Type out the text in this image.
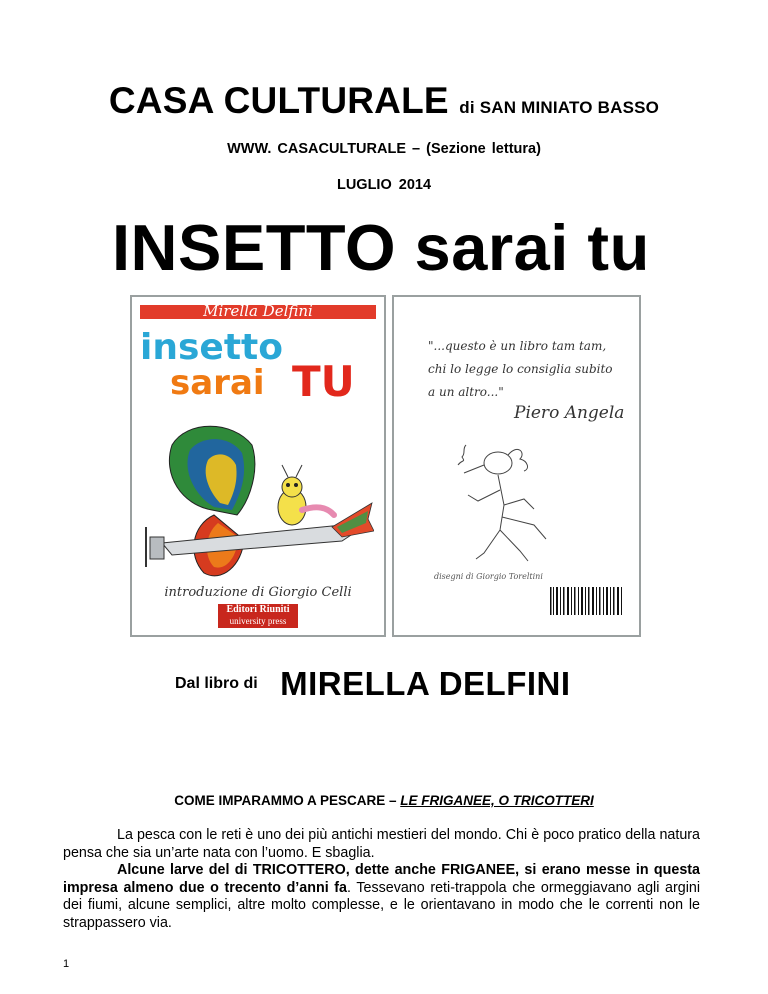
CASA CULTURALE di SAN MINIATO BASSO
WWW. CASACULTURALE – (Sezione lettura)
LUGLIO 2014
INSETTO sarai tu
Mirella Delfini
insetto
sarai TU
introduzione di Giorgio Celli
Editori Riuniti
university press
"...questo è un libro tam tam,
chi lo legge lo consiglia subito
a un altro..."
Piero Angela
disegni di Giorgio Toreltini
Dal libro di MIRELLA DELFINI
COME IMPARAMMO A PESCARE – LE FRIGANEE, O TRICOTTERI
La pesca con le reti è uno dei più antichi mestieri del mondo. Chi è poco pratico della natura pensa che sia un’arte nata con l’uomo. E sbaglia.
Alcune larve del di TRICOTTERO, dette anche FRIGANEE, si erano messe in questa impresa almeno due o trecento d’anni fa. Tessevano reti-trappola che ormeggiavano agli argini dei fiumi, alcune semplici, altre molto complesse, e le orientavano in modo che le correnti non le strappassero via.
1
